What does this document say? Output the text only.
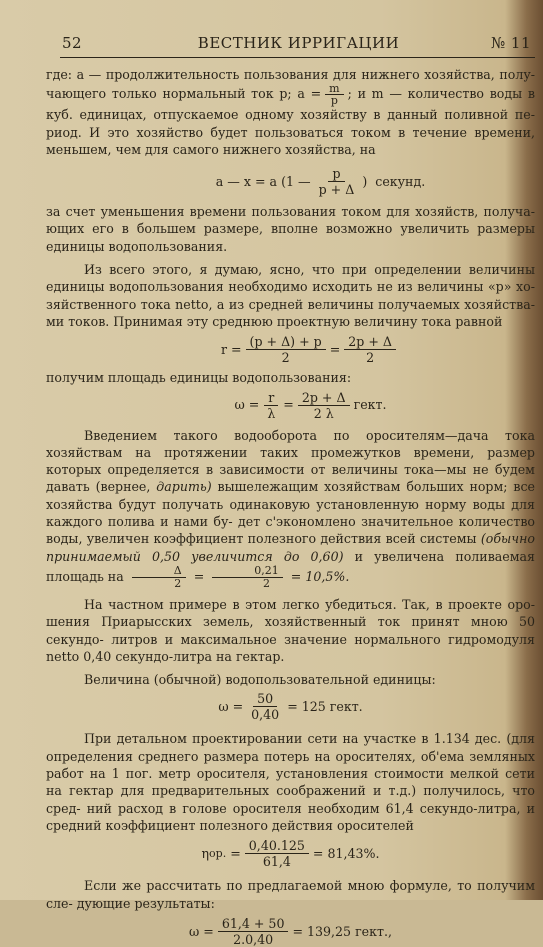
52	ВЕСТНИК ИРРИГАЦИИ	№ 11

где: a — продолжительность пользования для нижнего хозяйства, полу- чающего только нормальный ток p; $a = \frac{m}{p}$ ; и m — количество воды в куб. единицах, отпускаемое одному хозяйству в данный поливной пе- риод. И это хозяйство будет пользоваться током в течение времени, меньшем, чем для самого нижнего хозяйства, на

a — x = a
(1 — $\frac{p}{p + \Delta}$ )
секунд.

за счет уменьшения времени пользования током для хозяйств, получа- ющих его в большем размере, вполне возможно увеличить размеры единицы водопользования.

Из всего этого, я думаю, ясно, что при определении величины единицы водопользования необходимо исходить не из величины «p» хо- зяйственного тока netto, а из средней величины получаемых хозяйства- ми токов. Принимая эту среднюю проектную величину тока равной

$r = \frac{(p + \Delta) + p}{2} = \frac{2p + \Delta}{2}$

получим площадь единицы водопользования:

$\omega = \frac{r}{\lambda} = \frac{2p + \Delta}{2 \lambda}$ гект.

Введением такого водооборота по оросителям—дача тока хозяйствам на протяжении таких промежутков времени, размер которых определяется в зависимости от величины тока—мы не будем давать (вернее, дарить) вышележащим хозяйствам больших норм; все хозяйства будут получать одинаковую установленную норму воды для каждого полива и нами бу- дет с'экономлено значительное количество воды, увеличен коэффициент полезного действия всей системы (обычно принимаемый 0,50 увеличится до 0,60) и увеличена поливаемая площадь на $\frac{\Delta}{2} = \frac{0,21}{2} = 10,5\%$.

На частном примере в этом легко убедиться. Так, в проекте оро- шения Приарысских земель, хозяйственный ток принят мною 50 секундо- литров и максимальное значение нормального гидромодуля netto 0,40 секундо-литра на гектар.

Величина (обычной) водопользовательной единицы:

$\omega = \frac{50}{0,40} = 125$ гект.

При детальном проектировании сети на участке в 1.134 дес. (для определения среднего размера потерь на оросителях, об'ема земляных работ на 1 пог. метр оросителя, установления стоимости мелкой сети на гектар для предварительных соображений и т.д.) получилось, что сред- ний расход в голове оросителя необходим 61,4 секундо-литра, и средний коэффициент полезного действия оросителей

η ор.
= $\frac{0,40.125}{61,4} = 81,43\%$.

Если же рассчитать по предлагаемой мною формуле, то получим сле- дующие результаты:

$\omega = \frac{61,4 + 50}{2.0,40} = 139,25$ гект.,
